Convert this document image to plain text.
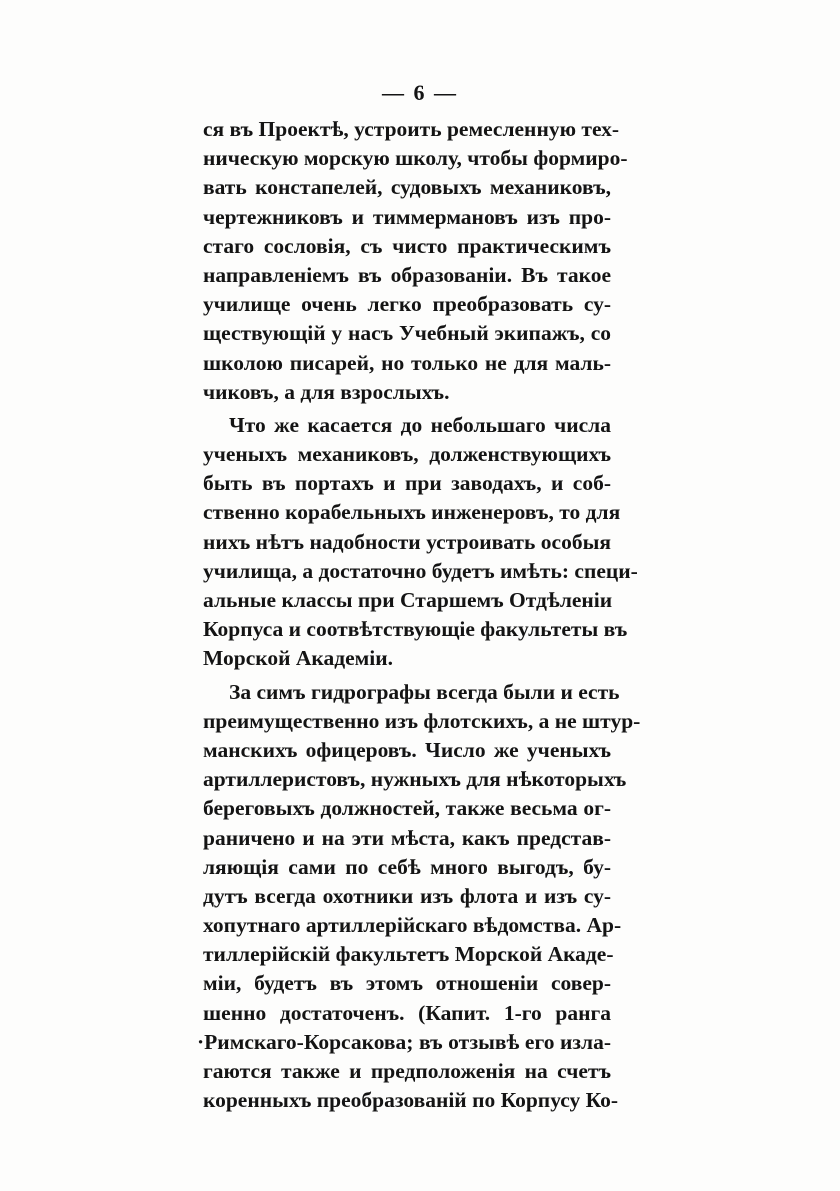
— 6 —
ся въ Проектѣ, устроить ремесленную тех-
ническую морскую школу, чтобы формиро-
вать констапелей, судовыхъ механиковъ,
чертежниковъ и тиммермановъ изъ про-
стаго сословія, съ чисто практическимъ
направленіемъ въ образованіи. Въ такое
училище очень легко преобразовать су-
ществующій у насъ Учебный экипажъ, со
школою писарей, но только не для маль-
чиковъ, а для взрослыхъ.
Что же касается до небольшаго числа
ученыхъ механиковъ, долженствующихъ
быть въ портахъ и при заводахъ, и соб-
ственно корабельныхъ инженеровъ, то для
нихъ нѣтъ надобности устроивать особыя
училища, а достаточно будетъ имѣть: специ-
альные классы при Старшемъ Отдѣленіи
Корпуса и соотвѣтствующіе факультеты въ
Морской Академіи.
За симъ гидрографы всегда были и есть
преимущественно изъ флотскихъ, а не штур-
манскихъ офицеровъ. Число же ученыхъ
артиллеристовъ, нужныхъ для нѣкоторыхъ
береговыхъ должностей, также весьма ог-
раничено и на эти мѣста, какъ представ-
ляющія сами по себѣ много выгодъ, бу-
дутъ всегда охотники изъ флота и изъ су-
хопутнаго артиллерійскаго вѣдомства. Ар-
тиллерійскій факультетъ Морской Акаде-
міи, будетъ въ этомъ отношеніи совер-
шенно достаточенъ. (Капит. 1-го ранга
·Римскаго-Корсакова; въ отзывѣ его излa-
гаются также и предположенія на счетъ
коренныхъ преобразованій по Корпусу Ко-
